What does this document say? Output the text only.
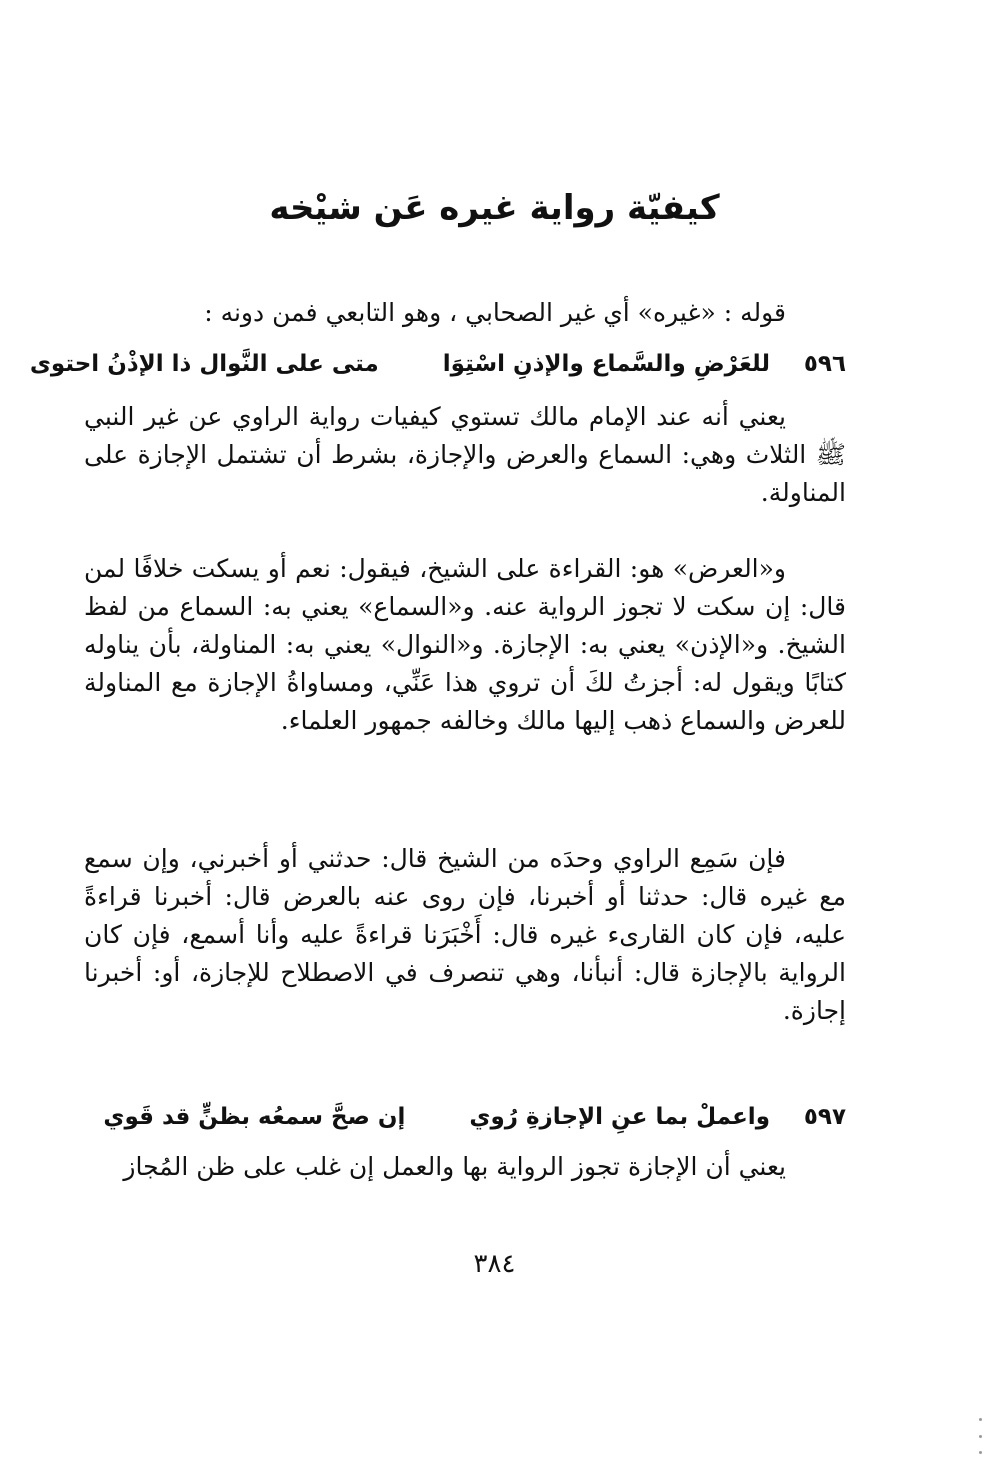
كيفيّة رواية غيره عَن شيْخه
قوله : «غيره» أي غير الصحابي ، وهو التابعي فمن دونه :
٥٩٦
للعَرْضِ والسَّماع والإذنِ اسْتِوَا
متى على النَّوال ذا الإذْنُ احتوى
يعني أنه عند الإمام مالك تستوي كيفيات رواية الراوي عن غير النبي ﷺ الثلاث وهي: السماع والعرض والإجازة، بشرط أن تشتمل الإجازة على المناولة.
و«العرض» هو: القراءة على الشيخ، فيقول: نعم أو يسكت خلافًا لمن قال: إن سكت لا تجوز الرواية عنه. و«السماع» يعني به: السماع من لفظ الشيخ. و«الإذن» يعني به: الإجازة. و«النوال» يعني به: المناولة، بأن يناوله كتابًا ويقول له: أجزتُ لكَ أن تروي هذا عَنِّي، ومساواةُ الإجازة مع المناولة للعرض والسماع ذهب إليها مالك وخالفه جمهور العلماء.
فإن سَمِع الراوي وحدَه من الشيخ قال: حدثني أو أخبرني، وإن سمع مع غيره قال: حدثنا أو أخبرنا، فإن روى عنه بالعرض قال: أخبرنا قراءةً عليه، فإن كان القارىء غيره قال: أَخْبَرَنا قراءةً عليه وأنا أسمع، فإن كان الرواية بالإجازة قال: أنبأنا، وهي تنصرف في الاصطلاح للإجازة، أو: أخبرنا إجازة.
٥٩٧
واعملْ بما عنِ الإجازةِ رُوي
إن صحَّ سمعُه بظنٍّ قد قَوي
يعني أن الإجازة تجوز الرواية بها والعمل إن غلب على ظن المُجاز
٣٨٤
